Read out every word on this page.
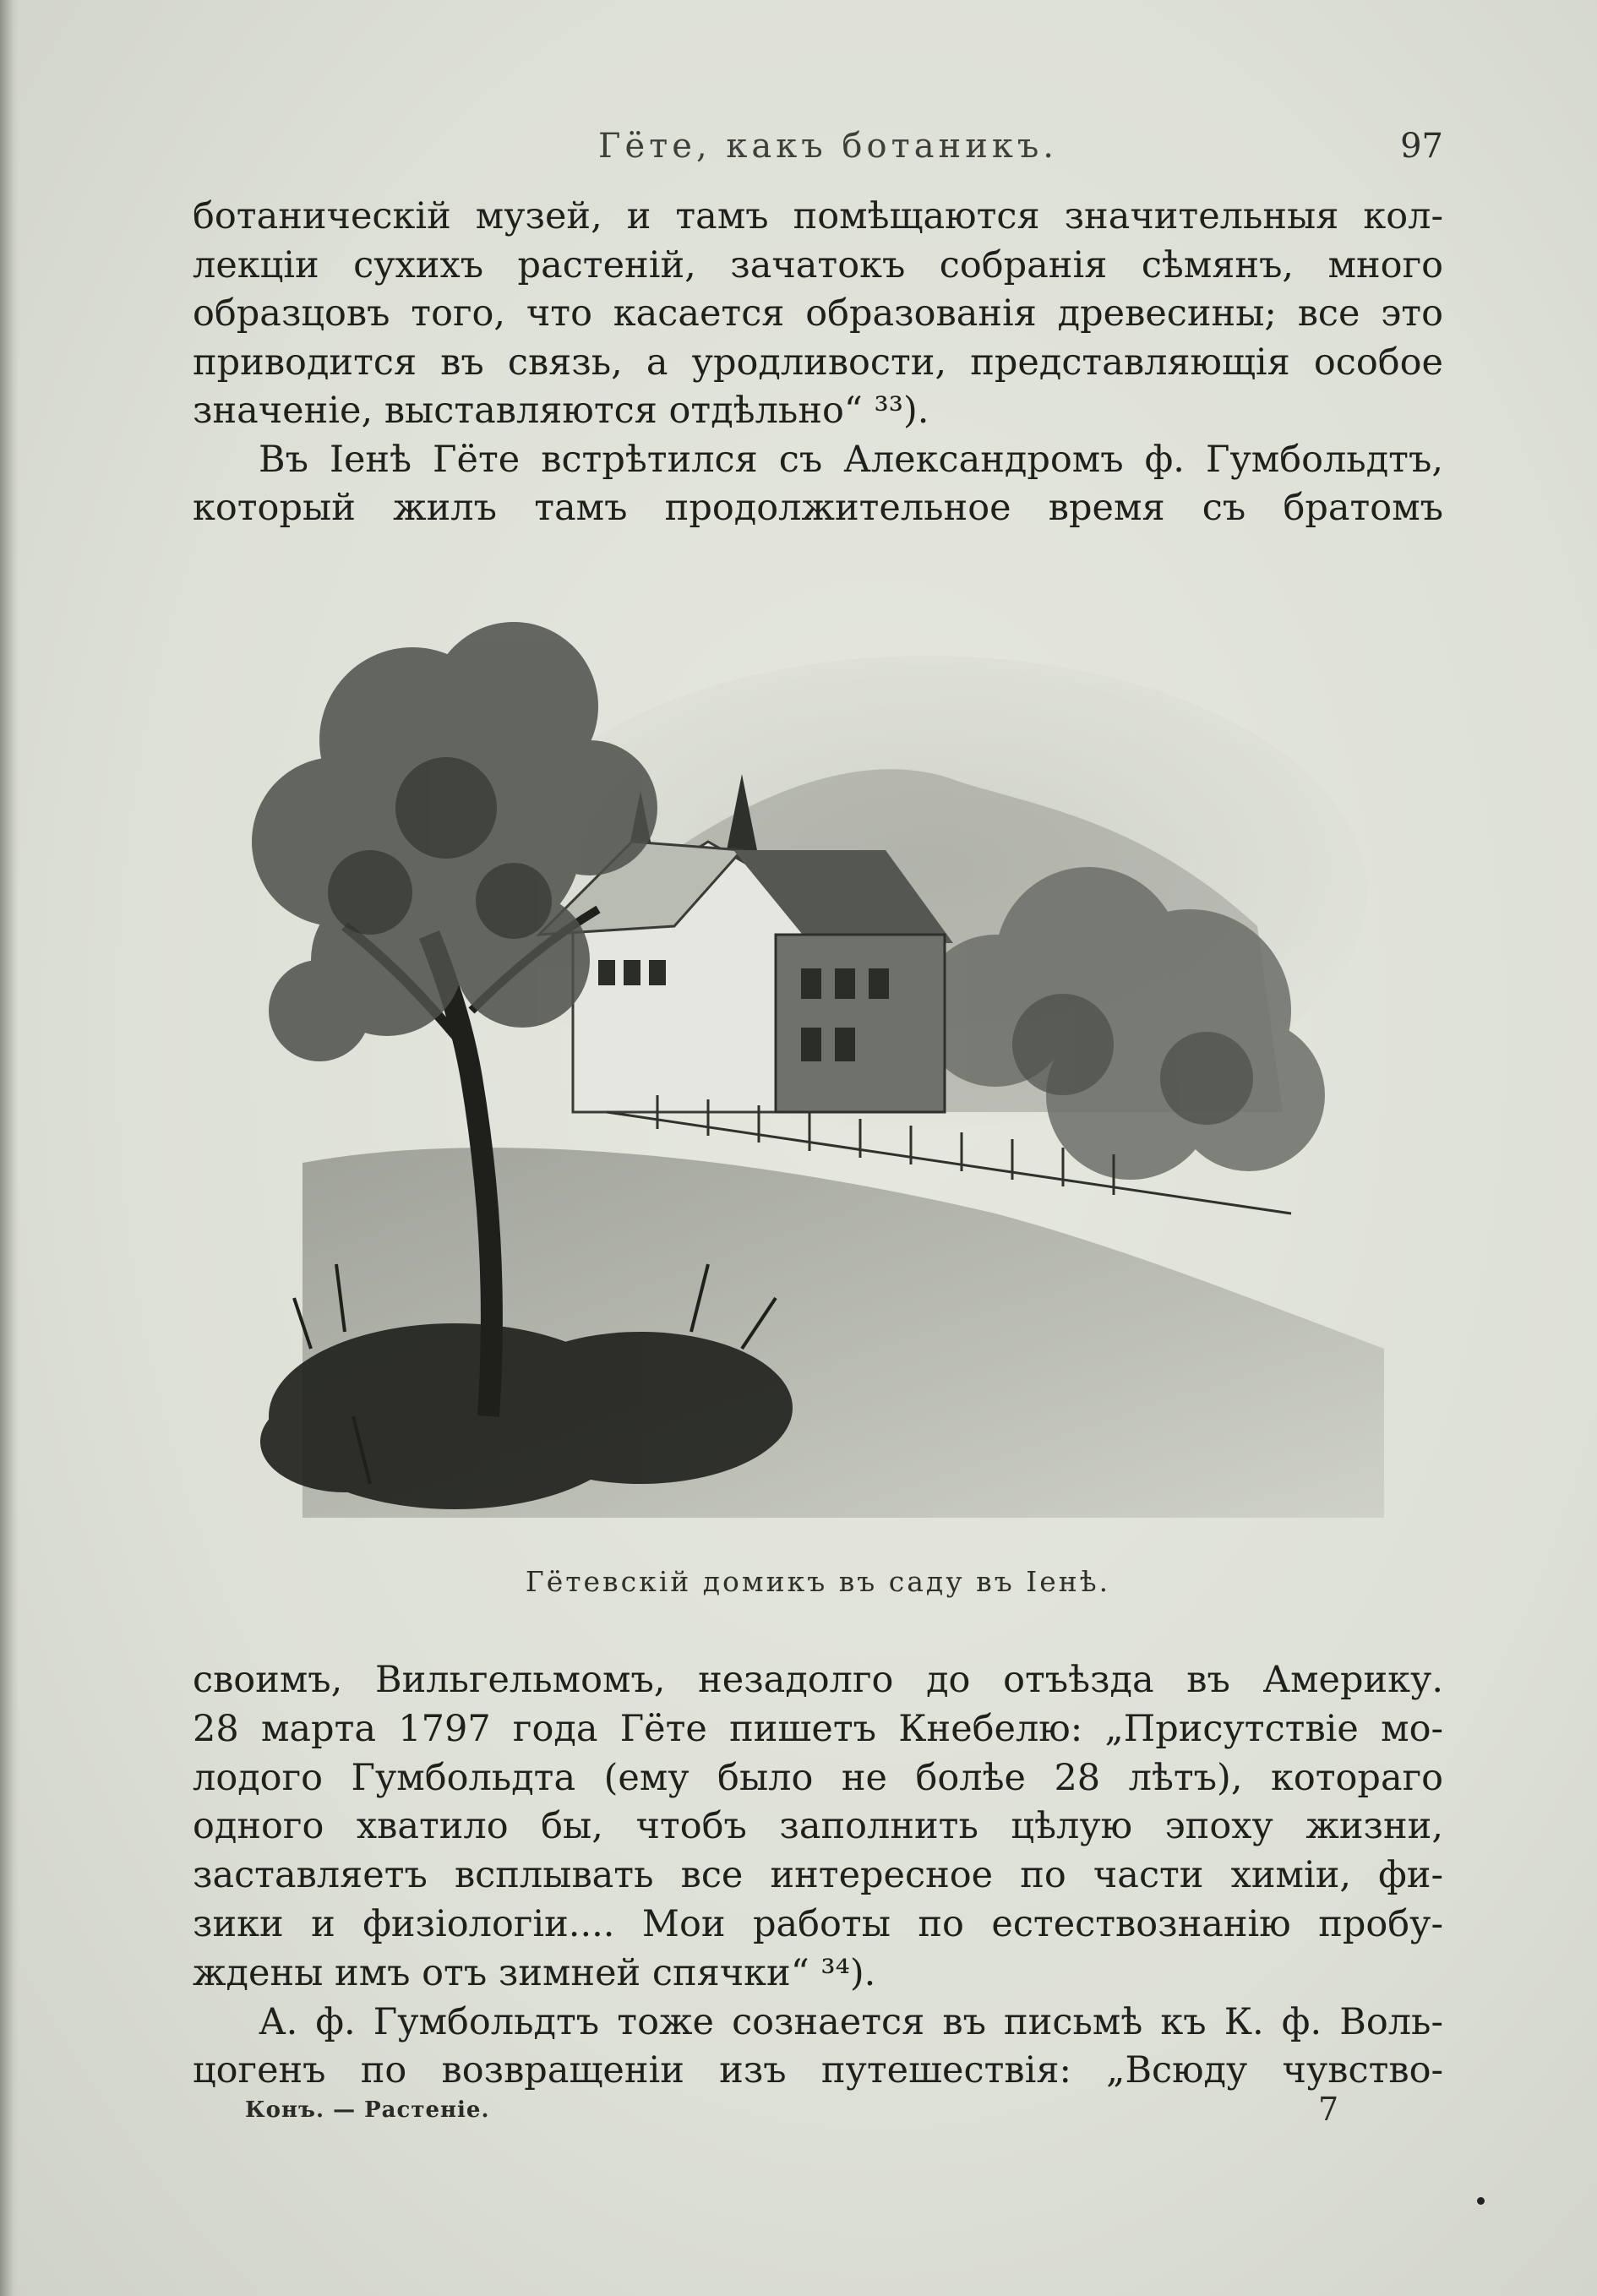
Гёте, какъ ботаникъ.	97
ботаническій музей, и тамъ помѣщаются значительныя кол-
лекціи сухихъ растеній, зачатокъ собранія сѣмянъ, много
образцовъ того, что касается образованія древесины; все это
приводится въ связь, а уродливости, представляющія особое
значеніе, выставляются отдѣльно“ ³³).
Въ Іенѣ Гёте встрѣтился съ Александромъ ф. Гумбольдтъ,
который жилъ тамъ продолжительное время съ братомъ
Гётевскій домикъ въ саду въ Іенѣ.
своимъ, Вильгельмомъ, незадолго до отъѣзда въ Америку.
28 марта 1797 года Гёте пишетъ Кнебелю: „Присутствіе мо-
лодого Гумбольдта (ему было не болѣе 28 лѣтъ), котораго
одного хватило бы, чтобъ заполнить цѣлую эпоху жизни,
заставляетъ всплывать все интересное по части химіи, фи-
зики и физіологіи.... Мои работы по естествознанію пробу-
ждены имъ отъ зимней спячки“ ³⁴).
А. ф. Гумбольдтъ тоже сознается въ письмѣ къ К. ф. Воль-
цогенъ по возвращеніи изъ путешествія: „Всюду чувство-
Конъ. — Растеніе.	7
